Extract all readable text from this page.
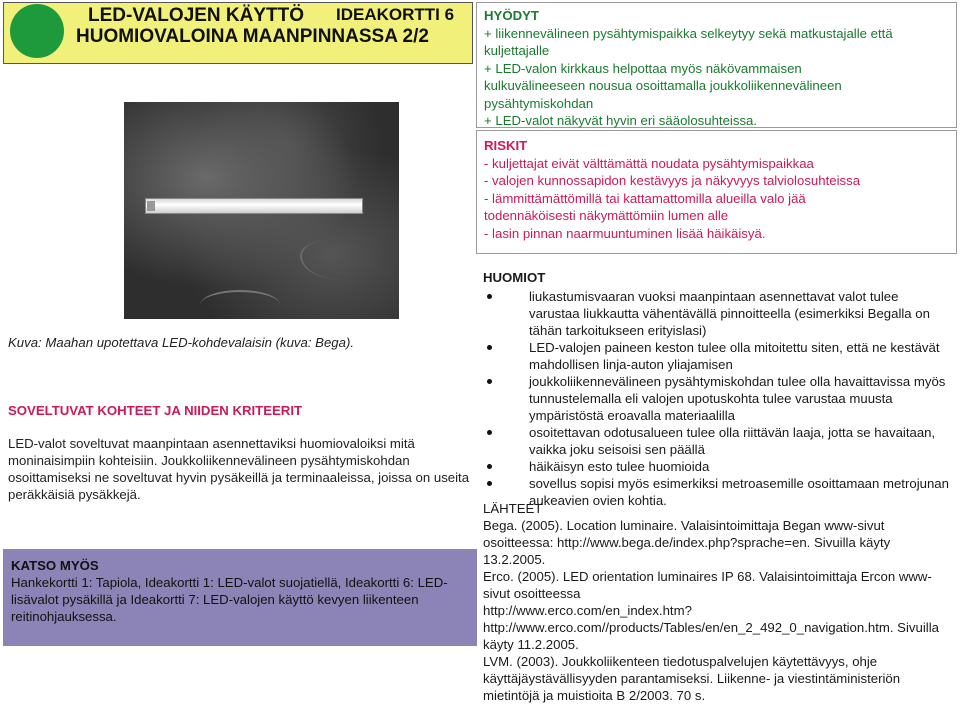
LED-VALOJEN KÄYTTÖ IDEAKORTTI 6
HUOMIOVALOINA MAANPINNASSA 2/2
HYÖDYT
+ liikennevälineen pysähtymispaikka selkeytyy sekä matkustajalle että
kuljettajalle
+ LED-valon kirkkaus helpottaa myös näkövammaisen
kulkuvälineeseen nousua osoittamalla joukkoliikennevälineen
pysähtymiskohdan
+ LED-valot näkyvät hyvin eri sääolosuhteissa.
RISKIT
- kuljettajat eivät välttämättä noudata pysähtymispaikkaa
- valojen kunnossapidon kestävyys ja näkyvyys talviolosuhteissa
- lämmittämättömillä tai kattamattomilla alueilla valo jää
todennäköisesti näkymättömiin lumen alle
- lasin pinnan naarmuuntuminen lisää häikäisyä.
Kuva: Maahan upotettava LED-kohdevalaisin (kuva: Bega).
SOVELTUVAT KOHTEET JA NIIDEN KRITEERIT
LED-valot soveltuvat maanpintaan asennettaviksi huomiovaloiksi mitä moninaisimpiin kohteisiin. Joukkoliikennevälineen pysähtymiskohdan osoittamiseksi ne soveltuvat hyvin pysäkeillä ja terminaaleissa, joissa on useita peräkkäisiä pysäkkejä.
KATSO MYÖS
Hankekortti 1: Tapiola, Ideakortti 1: LED-valot suojatiellä, Ideakortti 6: LED-lisävalot pysäkillä ja Ideakortti 7: LED-valojen käyttö kevyen liikenteen reitinohjauksessa.
HUOMIOT
liukastumisvaaran vuoksi maanpintaan asennettavat valot tulee varustaa liukkautta vähentävällä pinnoitteella (esimerkiksi Begalla on tähän tarkoitukseen erityislasi)
LED-valojen paineen keston tulee olla mitoitettu siten, että ne kestävät mahdollisen linja-auton yliajamisen
joukkoliikennevälineen pysähtymiskohdan tulee olla havaittavissa myös tunnustelemalla eli valojen upotuskohta tulee varustaa muusta ympäristöstä eroavalla materiaalilla
osoitettavan odotusalueen tulee olla riittävän laaja, jotta se havaitaan, vaikka joku seisoisi sen päällä
häikäisyn esto tulee huomioida
sovellus sopisi myös esimerkiksi metroasemille osoittamaan metrojunan aukeavien ovien kohtia.
LÄHTEET
Bega. (2005). Location luminaire. Valaisintoimittaja Began www-sivut osoitteessa: http://www.bega.de/index.php?sprache=en. Sivuilla käyty 13.2.2005.
Erco. (2005). LED orientation luminaires IP 68. Valaisintoimittaja Ercon www-sivut osoitteessa
http://www.erco.com/en_index.htm?http://www.erco.com//products/Tables/en/en_2_492_0_navigation.htm. Sivuilla käyty 11.2.2005.
LVM. (2003). Joukkoliikenteen tiedotuspalvelujen käytettävyys, ohje käyttäjäystävällisyyden parantamiseksi. Liikenne- ja viestintäministeriön mietintöjä ja muistioita B 2/2003. 70 s.
